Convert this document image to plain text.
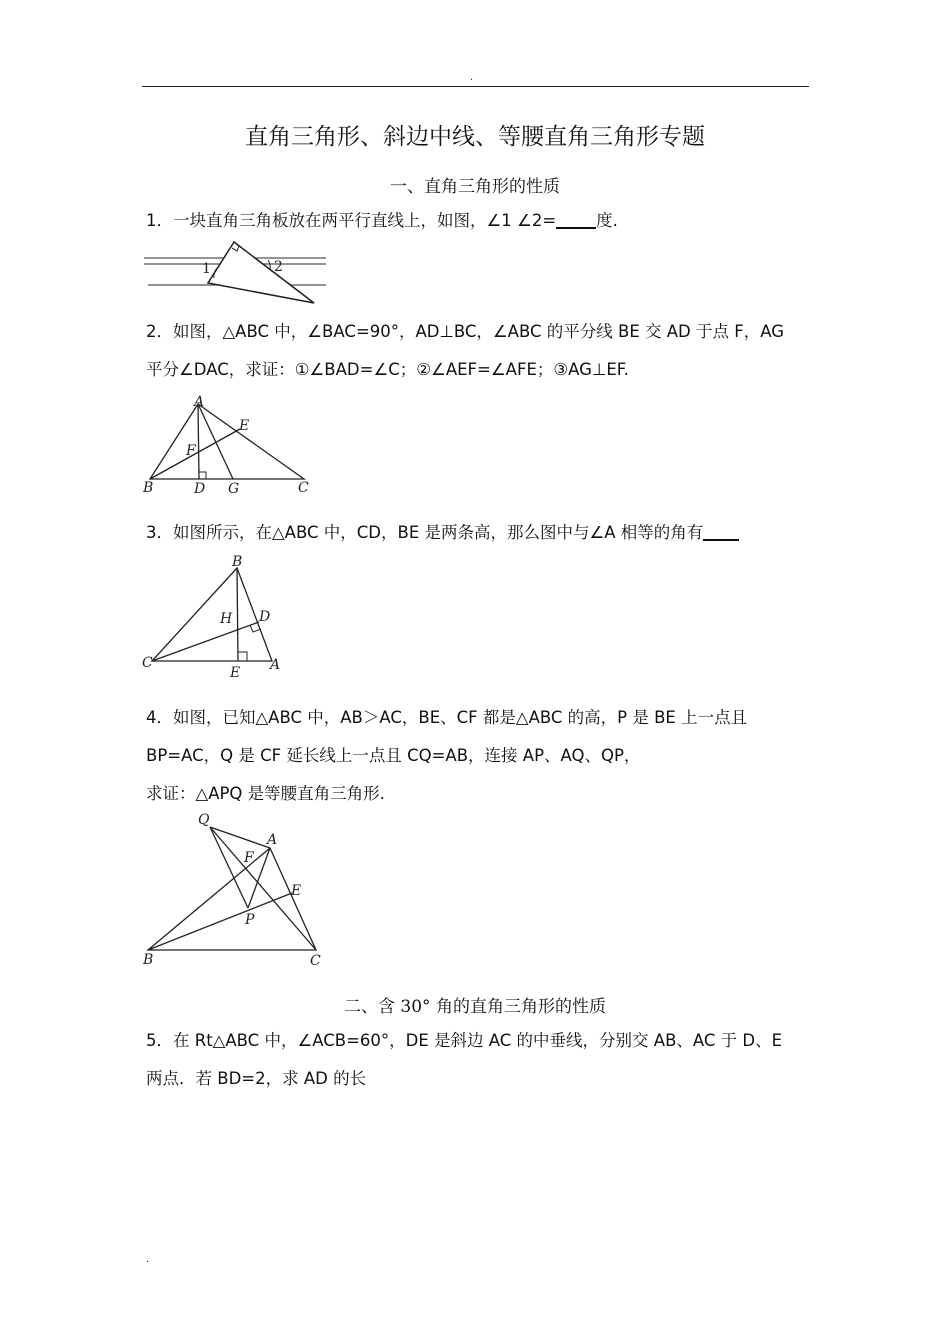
.
直角三角形、斜边中线、等腰直角三角形专题
一、直角三角形的性质
1．一块直角三角板放在两平行直线上，如图，∠1 ∠2= 度.
1	2
2．如图，△ABC 中，∠BAC=90°，AD⊥BC，∠ABC 的平分线 BE 交 AD 于点 F，AG
平分∠DAC，求证：①∠BAD=∠C；②∠AEF=∠AFE；③AG⊥EF.
A
B	C
D
E
F
G
3．如图所示，在△ABC 中，CD，BE 是两条高，那么图中与∠A 相等的角有
B
C	A
D
E
H
4．如图，已知△ABC 中，AB＞AC，BE、CF 都是△ABC 的高，P 是 BE 上一点且
BP=AC，Q 是 CF 延长线上一点且 CQ=AB，连接 AP、AQ、QP，
求证：△APQ 是等腰直角三角形.
Q
A
F
E
P
B	C
二、含 30° 角的直角三角形的性质
5．在 Rt△ABC 中，∠ACB=60°，DE 是斜边 AC 的中垂线，分别交 AB、AC 于 D、E
两点．若 BD=2，求 AD 的长
.
